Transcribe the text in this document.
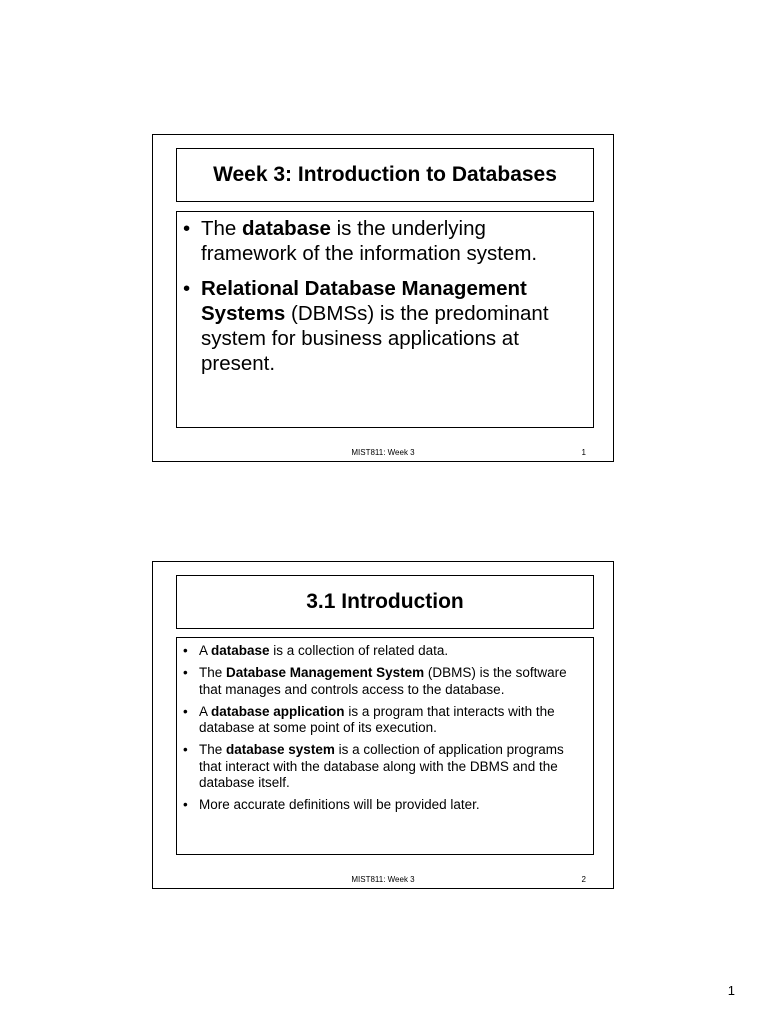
Week 3: Introduction to Databases
• The database is the underlying framework of the information system.
• Relational Database Management Systems (DBMSs) is the predominant system for business applications at present.
MIST811: Week 3	1
3.1 Introduction
• A database is a collection of related data.
• The Database Management System (DBMS) is the software that manages and controls access to the database.
• A database application is a program that interacts with the database at some point of its execution.
• The database system is a collection of application programs that interact with the database along with the DBMS and the database itself.
• More accurate definitions will be provided later.
MIST811: Week 3	2
1
